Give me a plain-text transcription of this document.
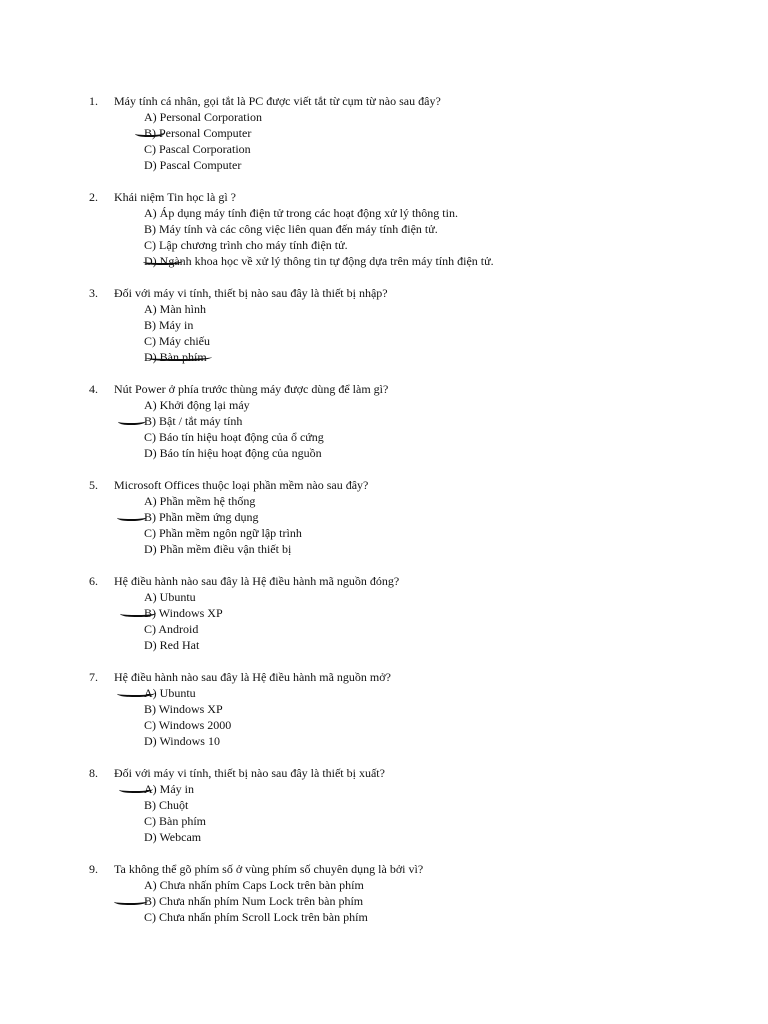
1. Máy tính cá nhân, gọi tắt là PC được viết tắt từ cụm từ nào sau đây?
A) Personal Corporation
B) Personal Computer
C) Pascal Corporation
D) Pascal Computer
2. Khái niệm Tin học là gì ?
A) Áp dụng máy tính điện tử trong các hoạt động xử lý thông tin.
B) Máy tính và các công việc liên quan đến máy tính điện tử.
C) Lập chương trình cho máy tính điện tử.
D) Ngành khoa học về xử lý thông tin tự động dựa trên máy tính điện tử.
3. Đối với máy vi tính, thiết bị nào sau đây là thiết bị nhập?
A) Màn hình
B) Máy in
C) Máy chiếu
D) Bàn phím
4. Nút Power ở phía trước thùng máy được dùng để làm gì?
A) Khởi động lại máy
B) Bật / tắt máy tính
C) Báo tín hiệu hoạt động của ổ cứng
D) Báo tín hiệu hoạt động của nguồn
5. Microsoft Offices thuộc loại phần mềm nào sau đây?
A) Phần mềm hệ thống
B) Phần mềm ứng dụng
C) Phần mềm ngôn ngữ lập trình
D) Phần mềm điều vận thiết bị
6. Hệ điều hành nào sau đây là Hệ điều hành mã nguồn đóng?
A) Ubuntu
B) Windows XP
C) Android
D) Red Hat
7. Hệ điều hành nào sau đây là Hệ điều hành mã nguồn mở?
A) Ubuntu
B) Windows XP
C) Windows 2000
D) Windows 10
8. Đối với máy vi tính, thiết bị nào sau đây là thiết bị xuất?
A) Máy in
B) Chuột
C) Bàn phím
D) Webcam
9. Ta không thể gõ phím số ở vùng phím số chuyên dụng là bởi vì?
A) Chưa nhấn phím Caps Lock trên bàn phím
B) Chưa nhấn phím Num Lock trên bàn phím
C) Chưa nhấn phím Scroll Lock trên bàn phím
